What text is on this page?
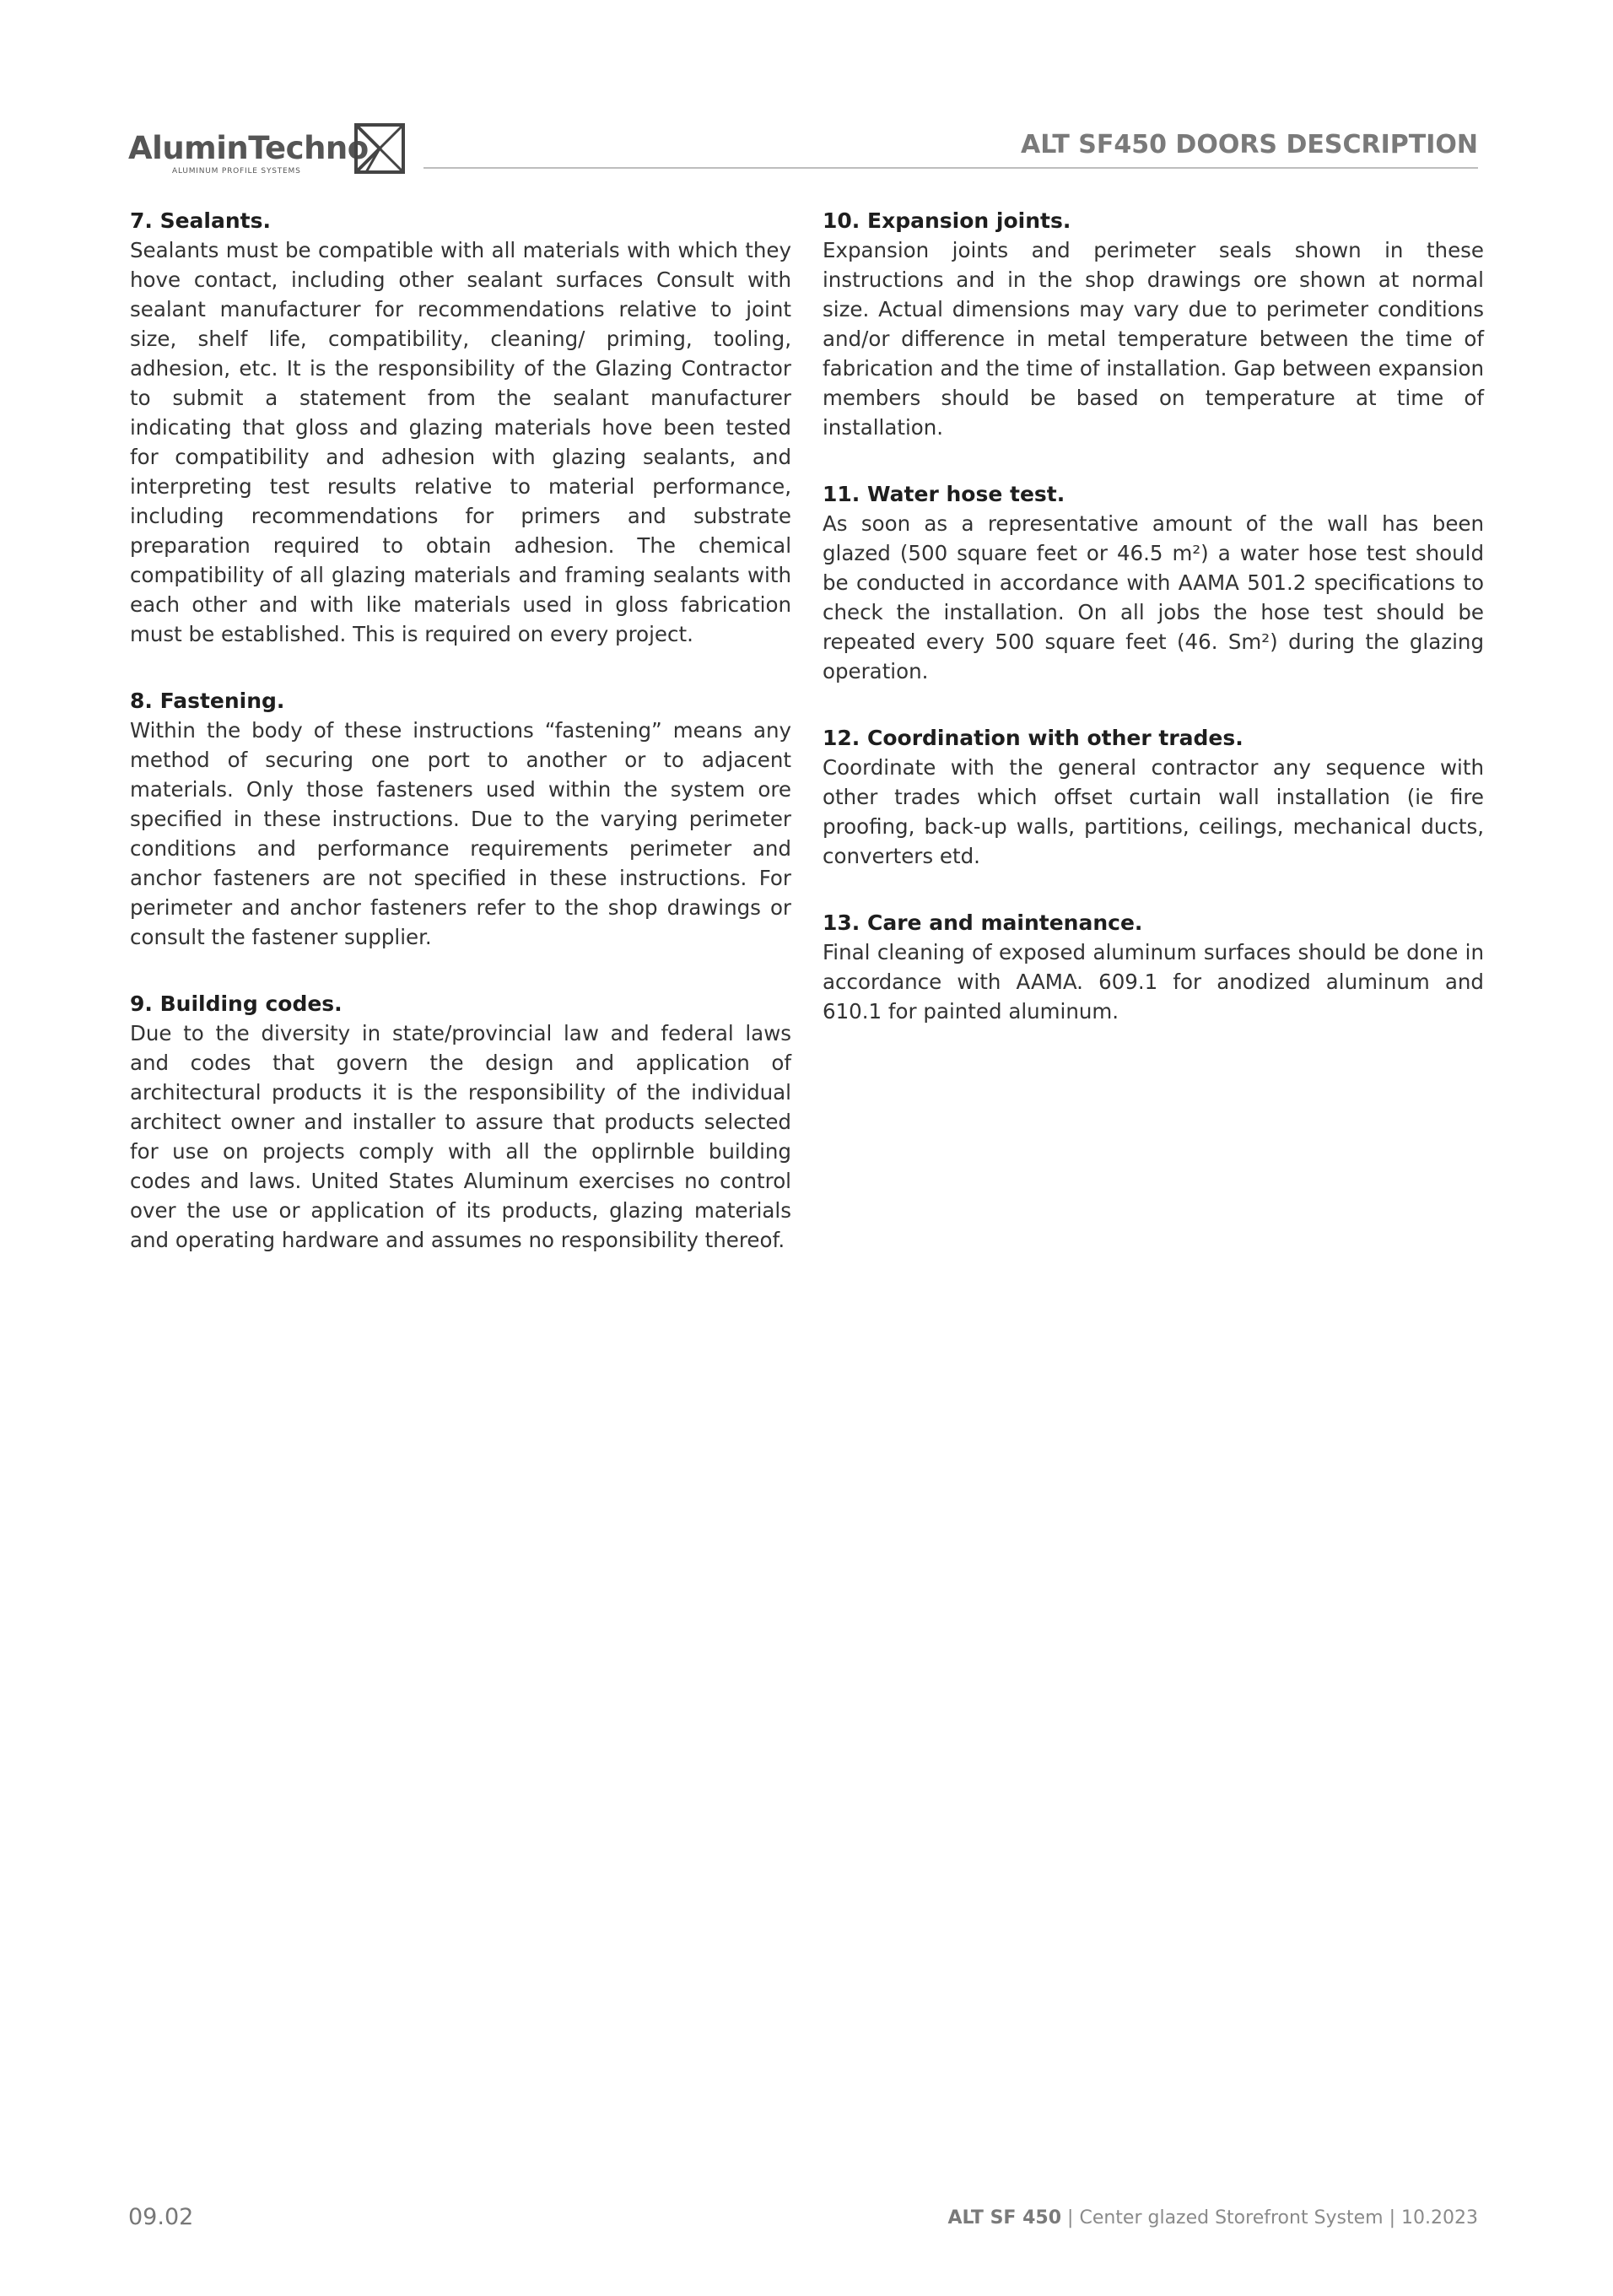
AluminTechno
ALUMINUM PROFILE SYSTEMS
ALT SF450 DOORS DESCRIPTION
7. Sealants.

Sealants must be compatible with all materials with which they hove contact, including other sealant surfaces Consult with sealant manufacturer for recommendations relative to joint size, shelf life, compatibility, cleaning/ priming, tooling, adhesion, etc. It is the responsibility of the Glazing Contractor to submit a statement from the sealant manufacturer indicating that gloss and glazing materials hove been tested for compatibility and adhesion with glazing sealants, and interpreting test results relative to material performance, including recommendations for primers and substrate preparation required to obtain adhesion. The chemical compatibility of all glazing materials and framing sealants with each other and with like materials used in gloss fabrication must be established. This is required on every project.

8. Fastening.

Within the body of these instructions “fastening” means any method of securing one port to another or to adjacent materials. Only those fasteners used within the system ore specified in these instructions. Due to the varying perimeter conditions and performance requirements perimeter and anchor fasteners are not specified in these instructions. For perimeter and anchor fasteners refer to the shop drawings or consult the fastener supplier.

9. Building codes.

Due to the diversity in state/provincial law and federal laws and codes that govern the design and application of architectural products it is the responsibility of the individual architect owner and installer to assure that products selected for use on projects comply with all the opplirnble building codes and laws. United States Aluminum exercises no control over the use or application of its products, glazing materials and operating hardware and assumes no responsibility thereof.

10. Expansion joints.

Expansion joints and perimeter seals shown in these instructions and in the shop drawings ore shown at normal size. Actual dimensions may vary due to perimeter conditions and/or difference in metal temperature between the time of fabrication and the time of installation. Gap between expansion members should be based on temperature at time of installation.

11. Water hose test.

As soon as a representative amount of the wall has been glazed (500 square feet or 46.5 m²) a water hose test should be conducted in accordance with AAMA 501.2 specifications to check the installation. On all jobs the hose test should be repeated every 500 square feet (46. Sm²) during the glazing operation.

12. Coordination with other trades.

Coordinate with the general contractor any sequence with other trades which offset curtain wall installation (ie fire proofing, back-up walls, partitions, ceilings, mechanical ducts, converters etd.

13. Care and maintenance.

Final cleaning of exposed aluminum surfaces should be done in accordance with AAMA. 609.1 for anodized aluminum and 610.1 for painted aluminum.

09.02	ALT SF 450 | Center glazed Storefront System | 10.2023
